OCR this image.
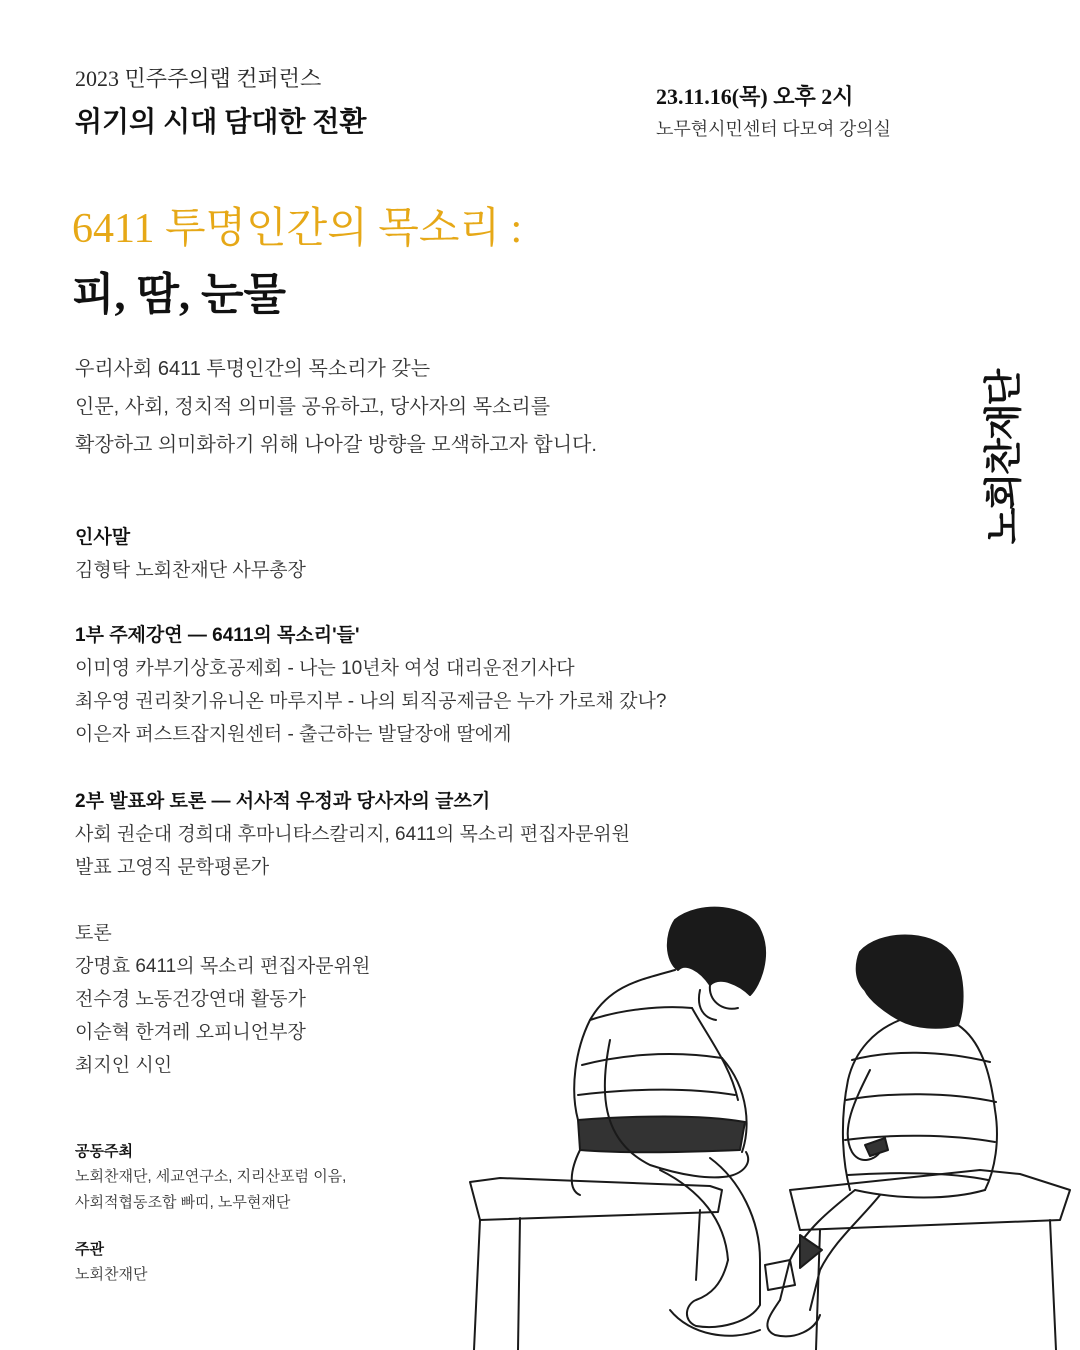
2023 민주주의랩 컨퍼런스
위기의 시대 담대한 전환
23.11.16(목) 오후 2시
노무현시민센터 다모여 강의실
6411 투명인간의 목소리 :
피, 땀, 눈물
우리사회 6411 투명인간의 목소리가 갖는
인문, 사회, 정치적 의미를 공유하고, 당사자의 목소리를
확장하고 의미화하기 위해 나아갈 방향을 모색하고자 합니다.
인사말
김형탁 노회찬재단 사무총장
1부 주제강연 ― 6411의 목소리'들'
이미영 카부기상호공제회 - 나는 10년차 여성 대리운전기사다
최우영 권리찾기유니온 마루지부 - 나의 퇴직공제금은 누가 가로채 갔나?
이은자 퍼스트잡지원센터 - 출근하는 발달장애 딸에게
2부 발표와 토론 ― 서사적 우정과 당사자의 글쓰기
사회 권순대 경희대 후마니타스칼리지, 6411의 목소리 편집자문위원
발표 고영직 문학평론가
토론
강명효 6411의 목소리 편집자문위원
전수경 노동건강연대 활동가
이순혁 한겨레 오피니언부장
최지인 시인
공동주최
노회찬재단, 세교연구소, 지리산포럼 이음,
사회적협동조합 빠띠, 노무현재단
주관
노회찬재단
노회찬재단
